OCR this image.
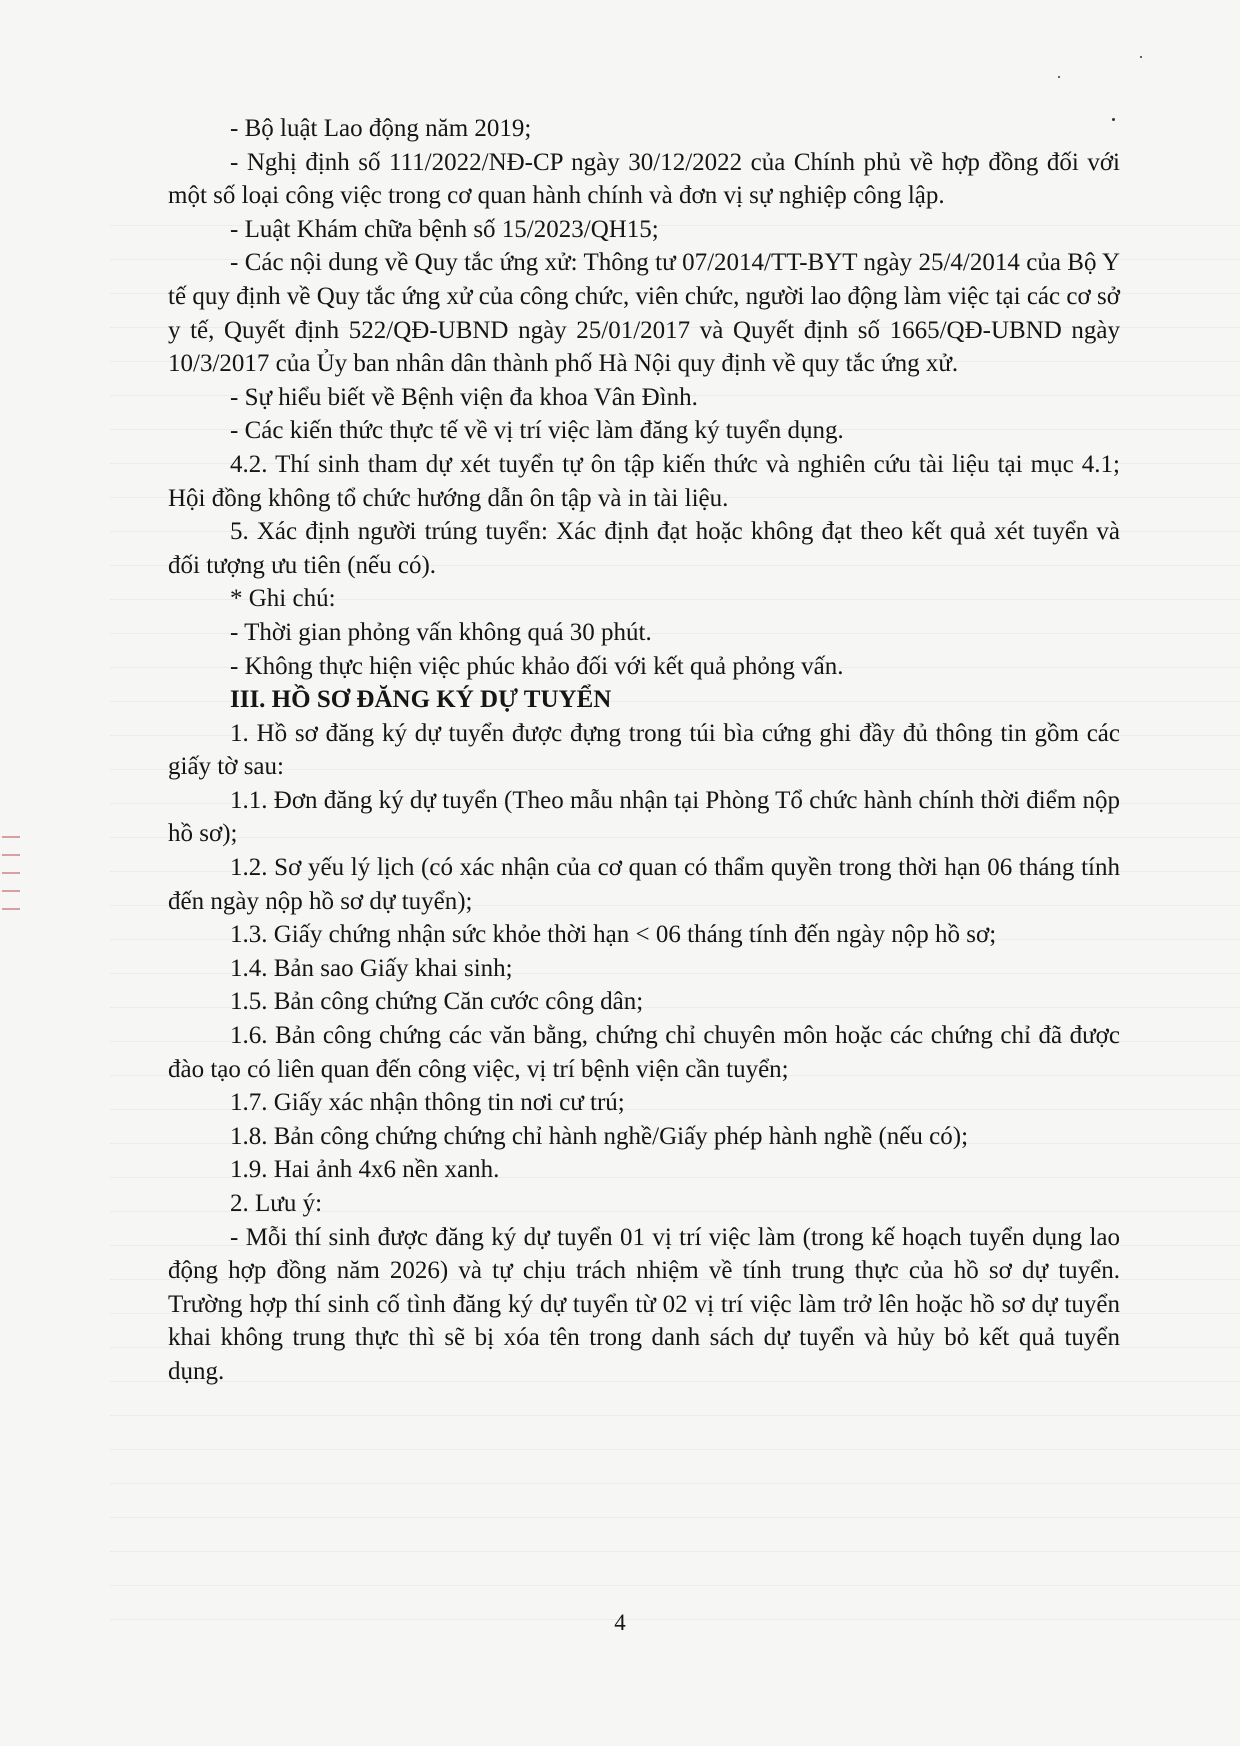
- Bộ luật Lao động năm 2019;

- Nghị định số 111/2022/NĐ-CP ngày 30/12/2022 của Chính phủ về hợp đồng đối với một số loại công việc trong cơ quan hành chính và đơn vị sự nghiệp công lập.

- Luật Khám chữa bệnh số 15/2023/QH15;

- Các nội dung về Quy tắc ứng xử: Thông tư 07/2014/TT-BYT ngày 25/4/2014 của Bộ Y tế quy định về Quy tắc ứng xử của công chức, viên chức, người lao động làm việc tại các cơ sở y tế, Quyết định 522/QĐ-UBND ngày 25/01/2017 và Quyết định số 1665/QĐ-UBND ngày 10/3/2017 của Ủy ban nhân dân thành phố Hà Nội quy định về quy tắc ứng xử.

- Sự hiểu biết về Bệnh viện đa khoa Vân Đình.

- Các kiến thức thực tế về vị trí việc làm đăng ký tuyển dụng.

4.2. Thí sinh tham dự xét tuyển tự ôn tập kiến thức và nghiên cứu tài liệu tại mục 4.1; Hội đồng không tổ chức hướng dẫn ôn tập và in tài liệu.

5. Xác định người trúng tuyển: Xác định đạt hoặc không đạt theo kết quả xét tuyển và đối tượng ưu tiên (nếu có).

* Ghi chú:

- Thời gian phỏng vấn không quá 30 phút.

- Không thực hiện việc phúc khảo đối với kết quả phỏng vấn.

III. HỒ SƠ ĐĂNG KÝ DỰ TUYỂN

1. Hồ sơ đăng ký dự tuyển được đựng trong túi bìa cứng ghi đầy đủ thông tin gồm các giấy tờ sau:

1.1. Đơn đăng ký dự tuyển (Theo mẫu nhận tại Phòng Tổ chức hành chính thời điểm nộp hồ sơ);

1.2. Sơ yếu lý lịch (có xác nhận của cơ quan có thẩm quyền trong thời hạn 06 tháng tính đến ngày nộp hồ sơ dự tuyển);

1.3. Giấy chứng nhận sức khỏe thời hạn < 06 tháng tính đến ngày nộp hồ sơ;

1.4. Bản sao Giấy khai sinh;

1.5. Bản công chứng Căn cước công dân;

1.6. Bản công chứng các văn bằng, chứng chỉ chuyên môn hoặc các chứng chỉ đã được đào tạo có liên quan đến công việc, vị trí bệnh viện cần tuyển;

1.7. Giấy xác nhận thông tin nơi cư trú;

1.8. Bản công chứng chứng chỉ hành nghề/Giấy phép hành nghề (nếu có);

1.9. Hai ảnh 4x6 nền xanh.

2. Lưu ý:

- Mỗi thí sinh được đăng ký dự tuyển 01 vị trí việc làm (trong kế hoạch tuyển dụng lao động hợp đồng năm 2026) và tự chịu trách nhiệm về tính trung thực của hồ sơ dự tuyển. Trường hợp thí sinh cố tình đăng ký dự tuyển từ 02 vị trí việc làm trở lên hoặc hồ sơ dự tuyển khai không trung thực thì sẽ bị xóa tên trong danh sách dự tuyển và hủy bỏ kết quả tuyển dụng.

4
